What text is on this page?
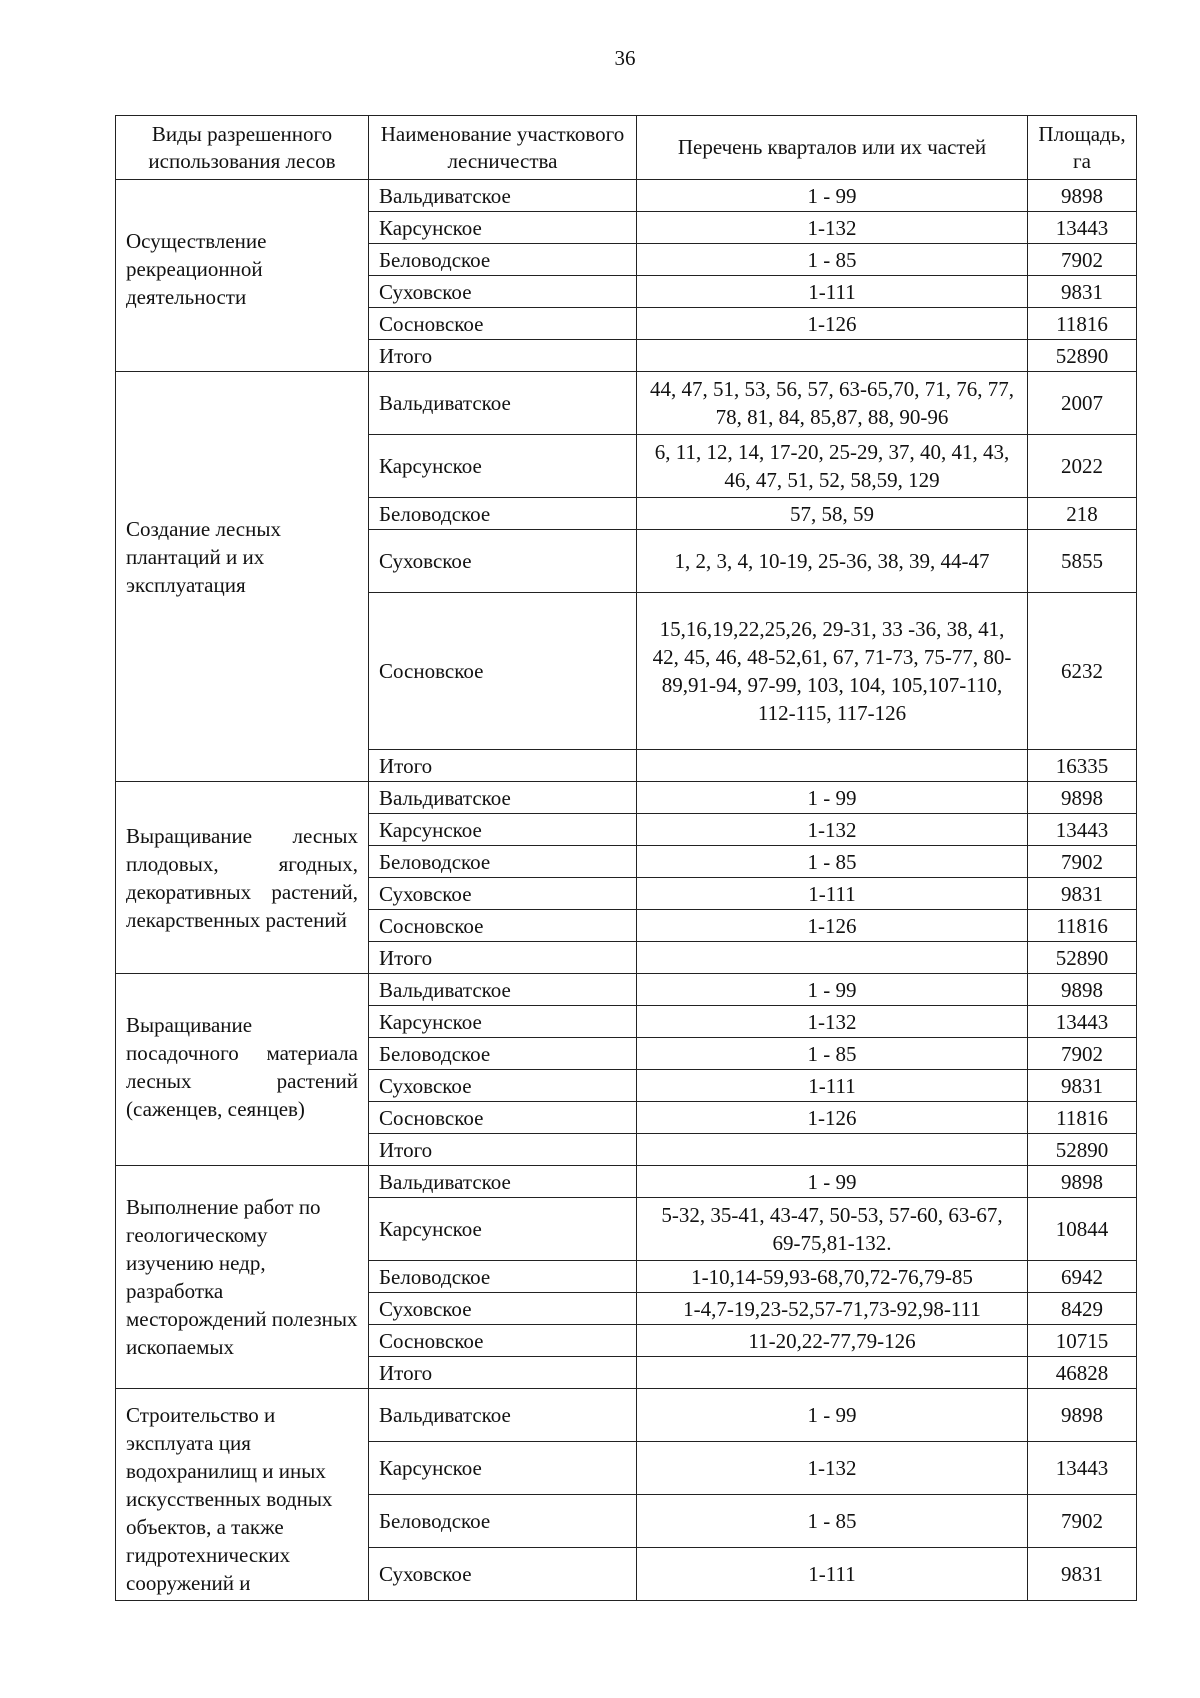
36
Виды разрешенного использования лесов	Наименование участкового лесничества	Перечень кварталов или их частей	Площадь, га
Осуществление рекреационной деятельности	Вальдиватское	1 - 99	9898
	Карсунское	1-132	13443
	Беловодское	1 - 85	7902
	Суховское	1-111	9831
	Сосновское	1-126	11816
	Итого		52890
Создание лесных плантаций и их эксплуатация	Вальдиватское	44, 47, 51, 53, 56, 57, 63-65,70, 71, 76, 77, 78, 81, 84, 85,87, 88, 90-96	2007
	Карсунское	6, 11, 12, 14, 17-20, 25-29, 37, 40, 41, 43, 46, 47, 51, 52, 58,59, 129	2022
	Беловодское	57, 58, 59	218
	Суховское	1, 2, 3, 4, 10-19, 25-36, 38, 39, 44-47	5855
	Сосновское	15,16,19,22,25,26, 29-31, 33 -36, 38, 41, 42, 45, 46, 48-52,61, 67, 71-73, 75-77, 80-89,91-94, 97-99, 103, 104, 105,107-110, 112-115, 117-126	6232
	Итого		16335
Выращивание лесных плодовых, ягодных, декоративных растений, лекарственных растений	Вальдиватское	1 - 99	9898
	Карсунское	1-132	13443
	Беловодское	1 - 85	7902
	Суховское	1-111	9831
	Сосновское	1-126	11816
	Итого		52890
Выращивание посадочного материала лесных растений (саженцев, сеянцев)	Вальдиватское	1 - 99	9898
	Карсунское	1-132	13443
	Беловодское	1 - 85	7902
	Суховское	1-111	9831
	Сосновское	1-126	11816
	Итого		52890
Выполнение работ по геологическому изучению недр, разработка месторождений полезных ископаемых	Вальдиватское	1 - 99	9898
	Карсунское	5-32, 35-41, 43-47, 50-53, 57-60, 63-67, 69-75,81-132.	10844
	Беловодское	1-10,14-59,93-68,70,72-76,79-85	6942
	Суховское	1-4,7-19,23-52,57-71,73-92,98-111	8429
	Сосновское	11-20,22-77,79-126	10715
	Итого		46828
Строительство и эксплуата ция водохранилищ и иных искусственных водных объектов, а также гидротехнических сооружений и	Вальдиватское	1 - 99	9898
	Карсунское	1-132	13443
	Беловодское	1 - 85	7902
	Суховское	1-111	9831
